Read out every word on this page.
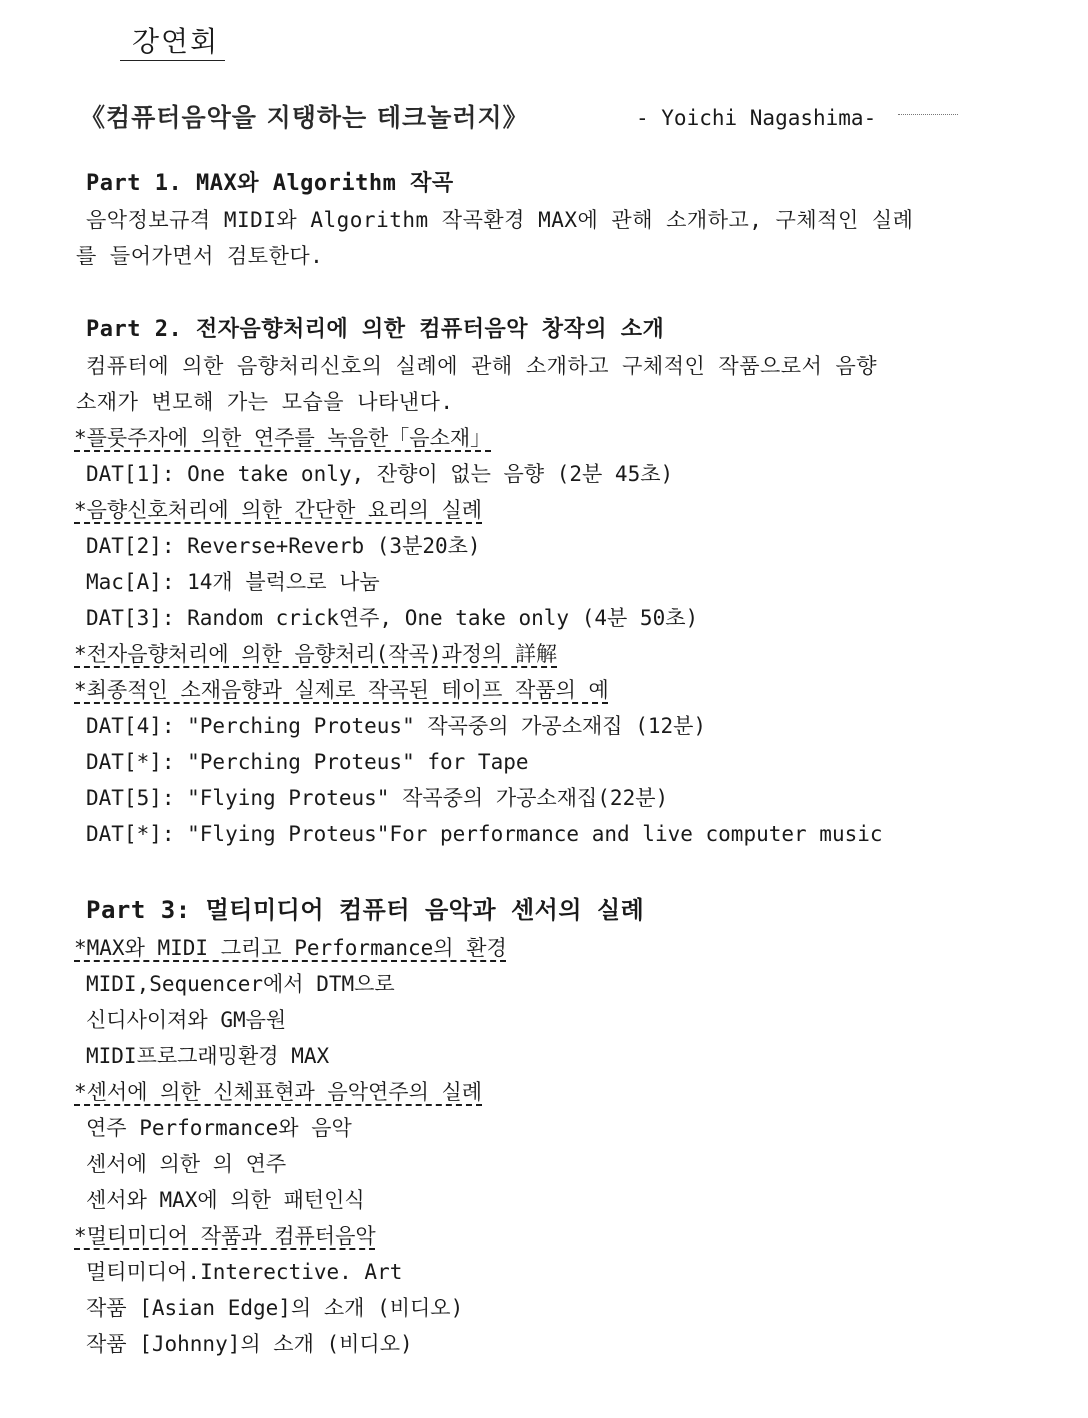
강연회
《컴퓨터음악을 지탱하는 테크놀러지》	- Yoichi Nagashima-
Part 1. MAX와 Algorithm 작곡
음악정보규격 MIDI와 Algorithm 작곡환경 MAX에 관해 소개하고, 구체적인 실례
를 들어가면서 검토한다.
Part 2. 전자음향처리에 의한 컴퓨터음악 창작의 소개
컴퓨터에 의한 음향처리신호의 실례에 관해 소개하고 구체적인 작품으로서 음향
소재가 변모해 가는 모습을 나타낸다.
*플룻주자에 의한 연주를 녹음한「음소재」
DAT[1]: One take only, 잔향이 없는 음향 (2분 45초)
*음향신호처리에 의한 간단한 요리의 실례
DAT[2]: Reverse+Reverb (3분20초)
Mac[A]: 14개 블럭으로 나눔
DAT[3]: Random crick연주, One take only (4분 50초)
*전자음향처리에 의한 음향처리(작곡)과정의 詳解
*최종적인 소재음향과 실제로 작곡된 테이프 작품의 예
DAT[4]: "Perching Proteus" 작곡중의 가공소재집 (12분)
DAT[*]: "Perching Proteus" for Tape
DAT[5]: "Flying Proteus" 작곡중의 가공소재집(22분)
DAT[*]: "Flying Proteus"For performance and live computer music
Part 3: 멀티미디어 컴퓨터 음악과 센서의 실례
*MAX와 MIDI 그리고 Performance의 환경
MIDI,Sequencer에서 DTM으로
신디사이져와 GM음원
MIDI프로그래밍환경 MAX
*센서에 의한 신체표현과 음악연주의 실례
연주 Performance와 음악
센서에 의한 의 연주
센서와 MAX에 의한 패턴인식
*멀티미디어 작품과 컴퓨터음악
멀티미디어.Interective. Art
작품 [Asian Edge]의 소개 (비디오)
작품 [Johnny]의 소개 (비디오)
